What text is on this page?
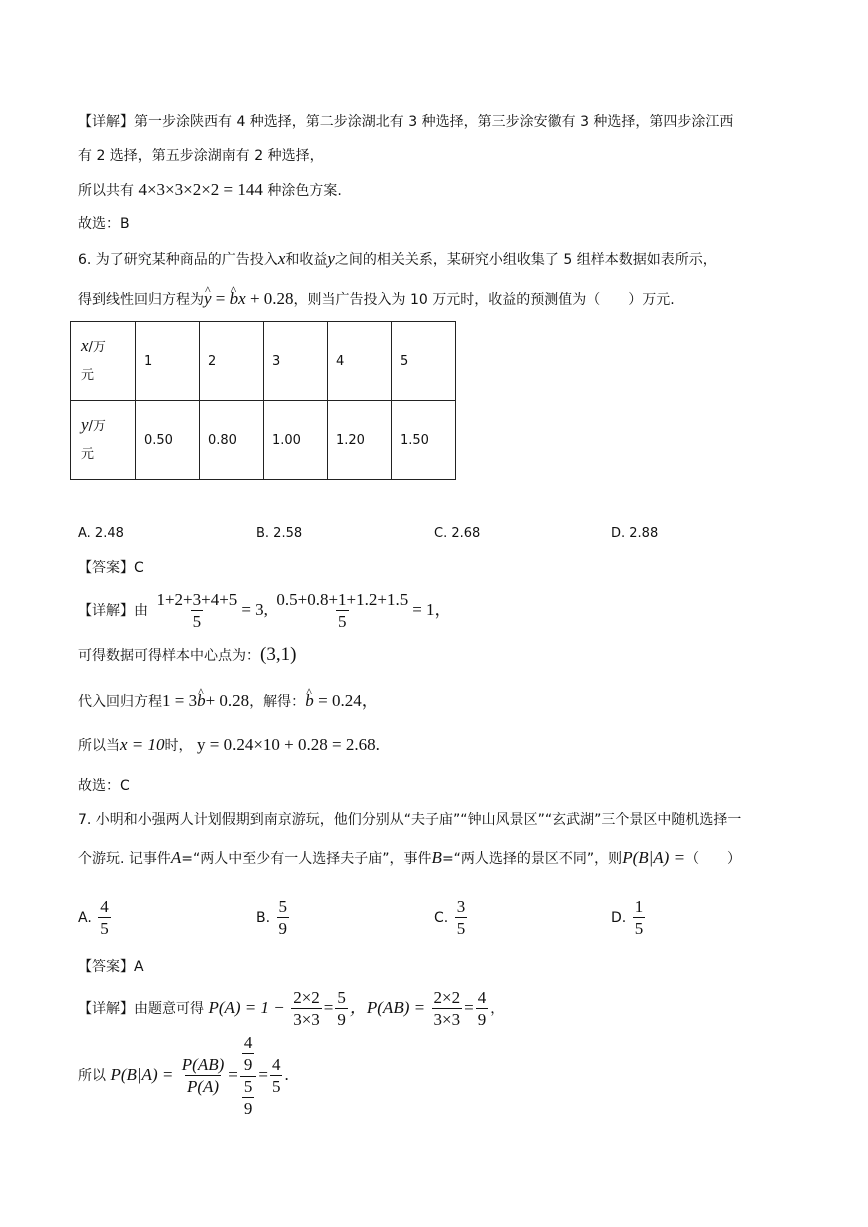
【详解】第一步涂陕西有 4 种选择，第二步涂湖北有 3 种选择，第三步涂安徽有 3 种选择，第四步涂江西
有 2 选择，第五步涂湖南有 2 种选择，
所以共有 4×3×3×2×2 = 144 种涂色方案.
故选：B
6. 为了研究某种商品的广告投入x和收益y之间的相关关系，某研究小组收集了 5 组样本数据如表所示，
得到线性回归方程为^ y = ^ bx + 0.28，则当广告投入为 10 万元时，收益的预测值为（　　）万元.
x/万
元	1	2	3	4	5
y/万
元	0.50	0.80	1.00	1.20	1.50
A. 2.48	B. 2.58	C. 2.68	D. 2.88
【答案】C
【详解】由 $\frac{1+2+3+4+5}{5} = 3$, $\frac{0.5+0.8+1+1.2+1.5}{5} = 1$，
可得数据可得样本中心点为：(3,1)
代入回归方程1 = 3^ b+ 0.28，解得：^ b = 0.24，
所以当x = 10时， y = 0.24×10 + 0.28 = 2.68.
故选：C
7. 小明和小强两人计划假期到南京游玩，他们分别从“夫子庙”“钟山风景区”“玄武湖”三个景区中随机选择一
个游玩. 记事件A=“两人中至少有一人选择夫子庙”，事件B=“两人选择的景区不同”，则P(B|A) =（　　）
A. $\frac{4}{5}$	B. $\frac{5}{9}$	C. $\frac{3}{5}$	D. $\frac{1}{5}$
【答案】A
【详解】由题意可得 $P(A) = 1 - \frac{2\times 2}{3\times 3} = \frac{5}{9}$ ，$P(AB) = \frac{2\times 2}{3\times 3} = \frac{4}{9}$ ，
所以 $P(B|A) = \frac{P(AB)}{P(A)} = \frac{\frac{4}{9}}{\frac{5}{9}} = \frac{4}{5}$ .
